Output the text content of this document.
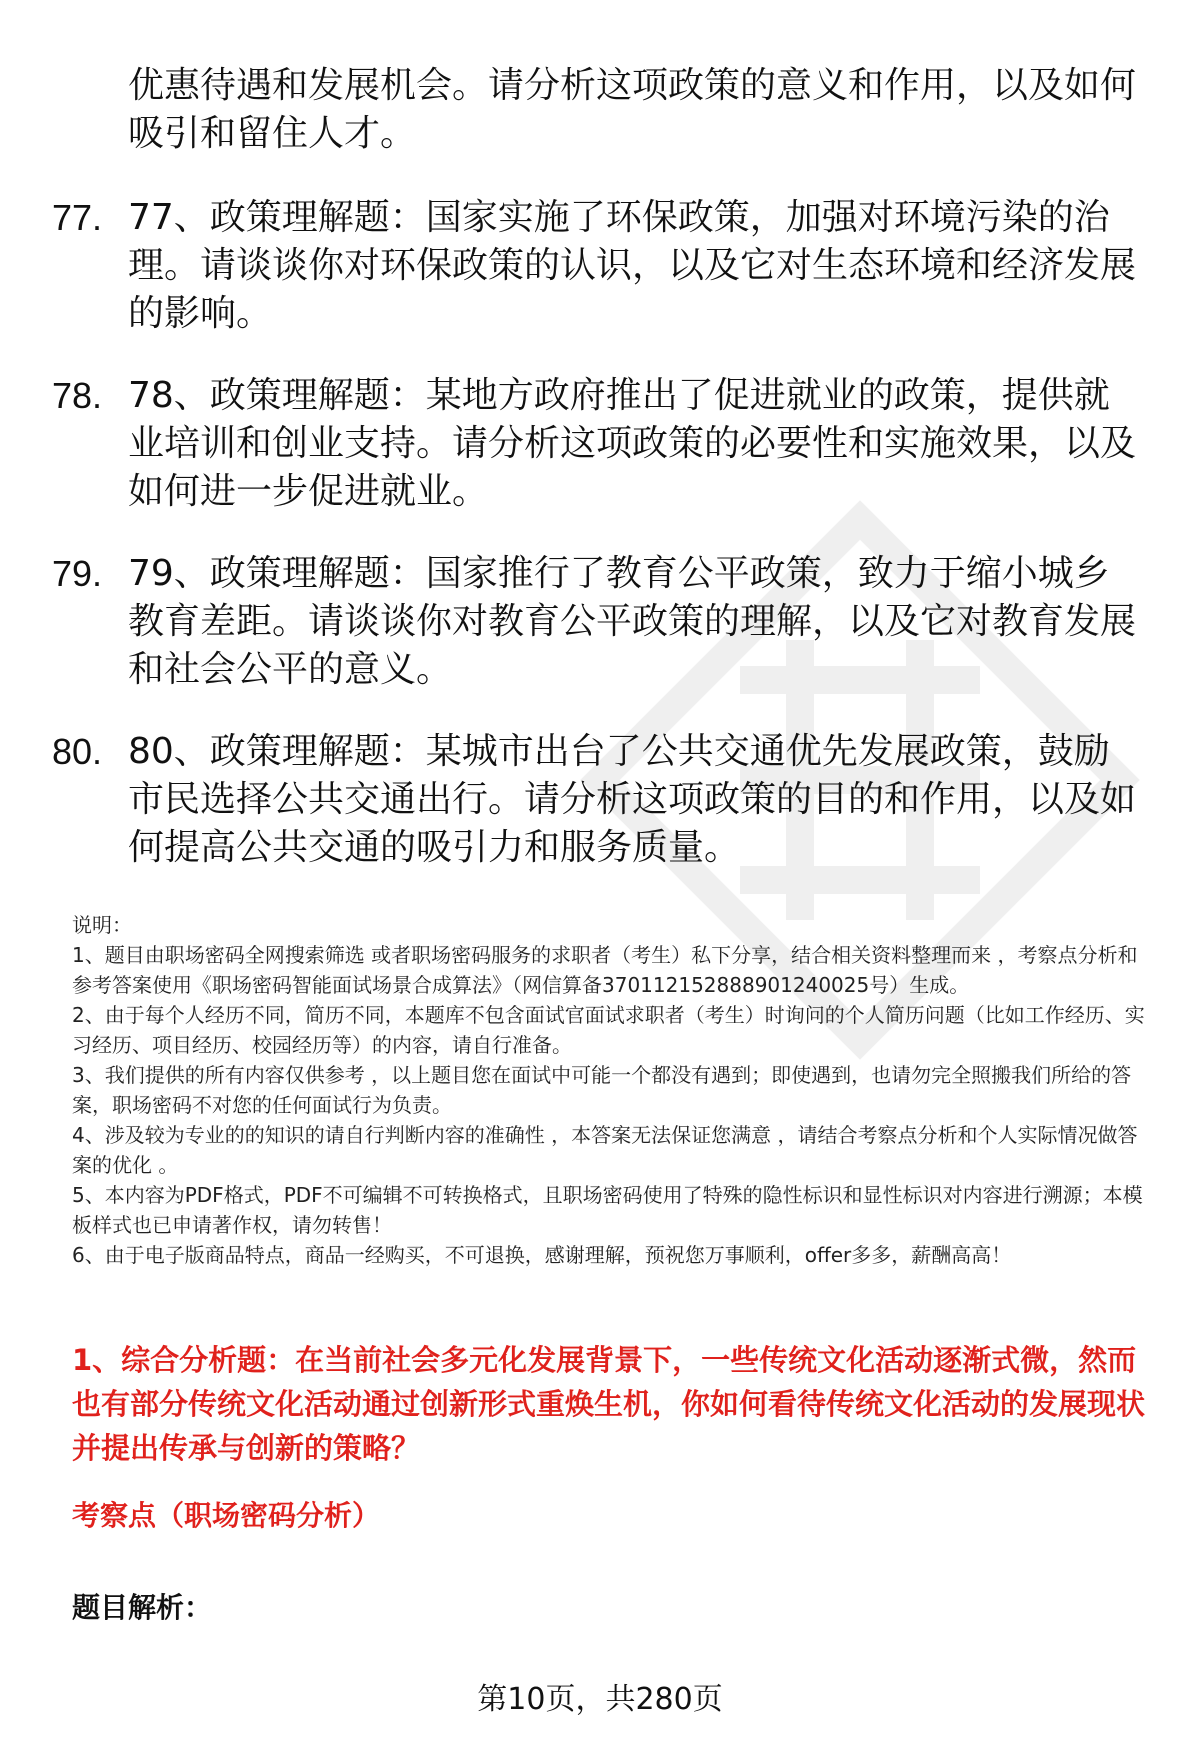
优惠待遇和发展机会。请分析这项政策的意义和作用，以及如何吸引和留住人才。
77. 77、政策理解题：国家实施了环保政策，加强对环境污染的治理。请谈谈你对环保政策的认识，以及它对生态环境和经济发展的影响。
78. 78、政策理解题：某地方政府推出了促进就业的政策，提供就业培训和创业支持。请分析这项政策的必要性和实施效果，以及如何进一步促进就业。
79. 79、政策理解题：国家推行了教育公平政策，致力于缩小城乡教育差距。请谈谈你对教育公平政策的理解，以及它对教育发展和社会公平的意义。
80. 80、政策理解题：某城市出台了公共交通优先发展政策，鼓励市民选择公共交通出行。请分析这项政策的目的和作用，以及如何提高公共交通的吸引力和服务质量。

说明：

1、题目由职场密码全网搜索筛选 或者职场密码服务的求职者（考生）私下分享，结合相关资料整理而来 ，考察点分析和参考答案使用《职场密码智能面试场景合成算法》（网信算备370112152888901240025号）生成。

2、由于每个人经历不同，简历不同，本题库不包含面试官面试求职者（考生）时询问的个人简历问题（比如工作经历、实习经历、项目经历、校园经历等）的内容，请自行准备。

3、我们提供的所有内容仅供参考 ，以上题目您在面试中可能一个都没有遇到；即使遇到，也请勿完全照搬我们所给的答案，职场密码不对您的任何面试行为负责。

4、涉及较为专业的的知识的请自行判断内容的准确性 ，本答案无法保证您满意 ，请结合考察点分析和个人实际情况做答案的优化 。

5、本内容为PDF格式，PDF不可编辑不可转换格式，且职场密码使用了特殊的隐性标识和显性标识对内容进行溯源；本模板样式也已申请著作权，请勿转售！

6、由于电子版商品特点，商品一经购买，不可退换，感谢理解，预祝您万事顺利，offer多多，薪酬高高！

1、综合分析题：在当前社会多元化发展背景下，一些传统文化活动逐渐式微，然而也有部分传统文化活动通过创新形式重焕生机，你如何看待传统文化活动的发展现状并提出传承与创新的策略？
考察点（职场密码分析）
题目解析：
第10页，共280页
